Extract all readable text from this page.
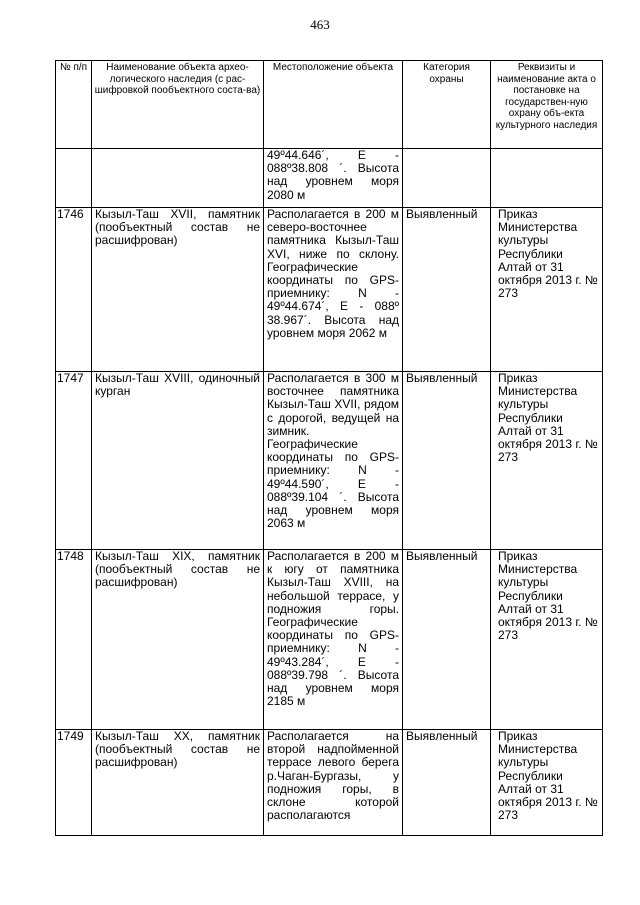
463
№ п/п	Наименование объекта архео-логического наследия (с рас-шифровкой пообъектного соста-ва)	Местоположение объекта	Категория охраны	Реквизиты и наименование акта о постановке на государствен-ную охрану объ-екта культурного наследия
		49º44.646´, Е - 088º38.808 ´. Высота над уровнем моря 2080 м		
1746	Кызыл-Таш XVII, памятник (пообъектный состав не расшифрован)	Располагается в 200 м северо-восточнее памятника Кызыл-Таш XVI, ниже по склону. Географические координаты по GPS-приемнику: N - 49º44.674´, Е - 088º 38.967´. Высота над уровнем моря 2062 м	Выявленный	Приказ Министерства культуры Республики Алтай от 31 октября 2013 г. № 273
1747	Кызыл-Таш XVIII, одиночный курган	Располагается в 300 м восточнее памятника Кызыл-Таш XVII, рядом с дорогой, ведущей на зимник. Географические координаты по GPS-приемнику: N - 49º44.590´, Е - 088º39.104 ´. Высота над уровнем моря 2063 м	Выявленный	Приказ Министерства культуры Республики Алтай от 31 октября 2013 г. № 273
1748	Кызыл-Таш XIX, памятник (пообъектный состав не расшифрован)	Располагается в 200 м к югу от памятника Кызыл-Таш XVIII, на небольшой террасе, у подножия горы. Географические координаты по GPS-приемнику: N - 49º43.284´, Е - 088º39.798 ´. Высота над уровнем моря 2185 м	Выявленный	Приказ Министерства культуры Республики Алтай от 31 октября 2013 г. № 273
1749	Кызыл-Таш XX, памятник (пообъектный состав не расшифрован)	Располагается на второй надпойменной террасе левого берега р.Чаган-Бургазы, у подножия горы, в склоне которой располагаются	Выявленный	Приказ Министерства культуры Республики Алтай от 31 октября 2013 г. № 273
